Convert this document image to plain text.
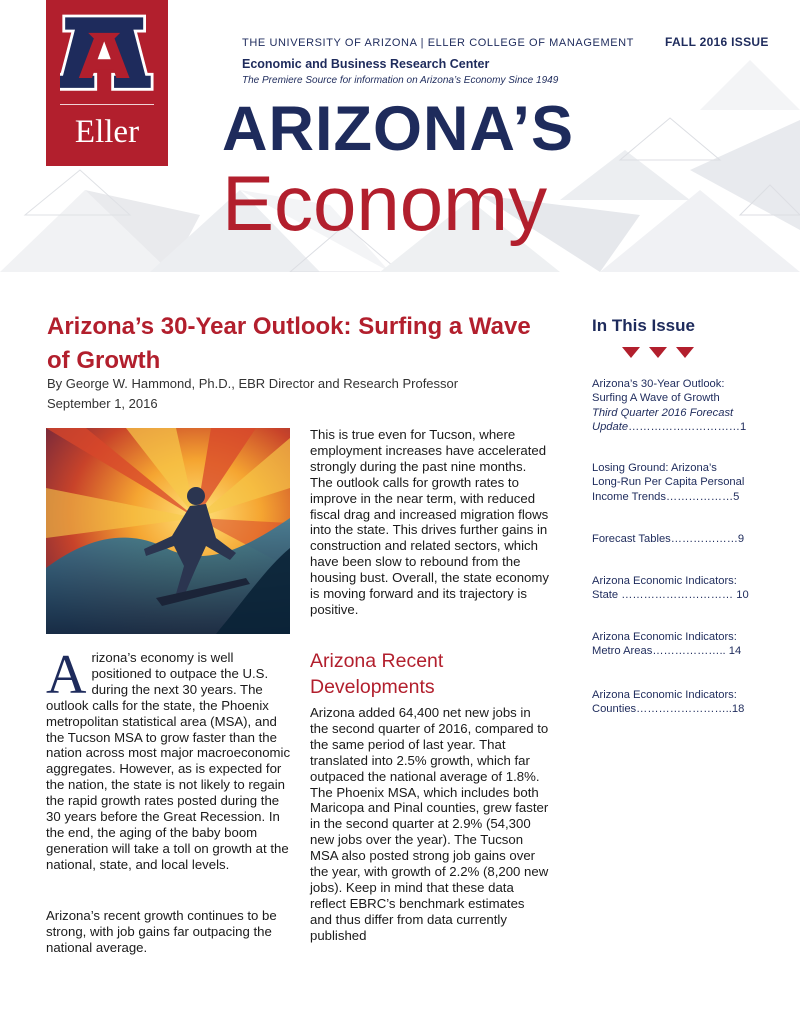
Eller
THE UNIVERSITY OF ARIZONA | ELLER COLLEGE OF MANAGEMENT	FALL 2016 ISSUE
Economic and Business Research Center
The Premiere Source for information on Arizona’s Economy Since 1949
ARIZONA’S
Economy
Arizona’s 30-Year Outlook: Surfing a Wave of Growth
By George W. Hammond, Ph.D., EBR Director and Research Professor
September 1, 2016
A rizona’s economy is well positioned to outpace the U.S. during the next 30 years. The outlook calls for the state, the Phoenix metropolitan statistical area (MSA), and the Tucson MSA to grow faster than the nation across most major macroeconomic aggregates. However, as is expected for the nation, the state is not likely to regain the rapid growth rates posted during the 30 years before the Great Recession. In the end, the aging of the baby boom generation will take a toll on growth at the national, state, and local levels.
Arizona’s recent growth continues to be strong, with job gains far outpacing the national average.
This is true even for Tucson, where employment increases have accelerated strongly during the past nine months. The outlook calls for growth rates to improve in the near term, with reduced fiscal drag and increased migration flows into the state. This drives further gains in construction and related sectors, which have been slow to rebound from the housing bust. Overall, the state economy is moving forward and its trajectory is positive.
Arizona Recent Developments
Arizona added 64,400 net new jobs in the second quarter of 2016, compared to the same period of last year. That translated into 2.5% growth, which far outpaced the national average of 1.8%. The Phoenix MSA, which includes both Maricopa and Pinal counties, grew faster in the second quarter at 2.9% (54,300 new jobs over the year). The Tucson MSA also posted strong job gains over the year, with growth of 2.2% (8,200 new jobs). Keep in mind that these data reflect EBRC’s benchmark estimates and thus differ from data currently published
In This Issue
Arizona’s 30-Year Outlook:
Surfing A Wave of Growth
Third Quarter 2016 Forecast
Update…………………………1
Losing Ground: Arizona’s
Long-Run Per Capita Personal
Income Trends………………5
Forecast Tables………………9
Arizona Economic Indicators:
State ………………………… 10
Arizona Economic Indicators:
Metro Areas……………….. 14
Arizona Economic Indicators:
Counties……………………..18
